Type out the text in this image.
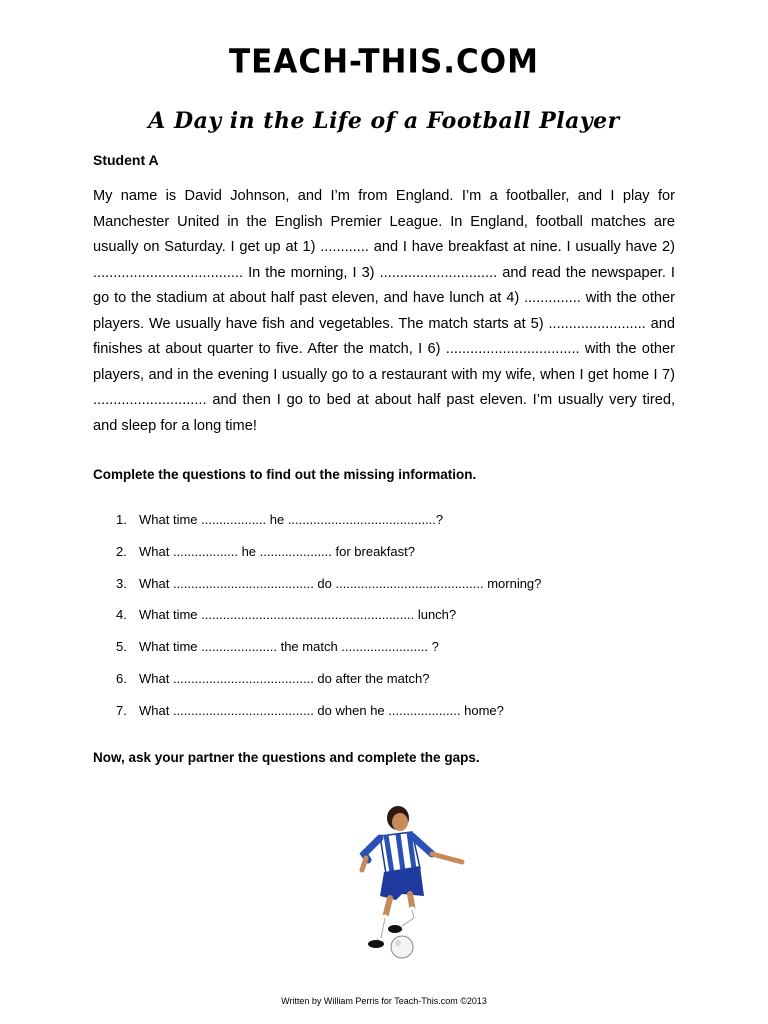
TEACH-THIS.COM
A Day in the Life of a Football Player
Student A

My name is David Johnson, and I’m from England. I’m a footballer, and I play for Manchester United in the English Premier League. In England, football matches are usually on Saturday. I get up at 1) ............ and I have breakfast at nine. I usually have 2) ..................................... In the morning, I 3) ............................. and read the newspaper. I go to the stadium at about half past eleven, and have lunch at 4) .............. with the other players. We usually have fish and vegetables. The match starts at 5) ........................ and finishes at about quarter to five. After the match, I 6) ................................. with the other players, and in the evening I usually go to a restaurant with my wife, when I get home I 7) ............................ and then I go to bed at about half past eleven. I’m usually very tired, and sleep for a long time!

Complete the questions to find out the missing information.
1. What time .................. he .........................................?
2. What .................. he .................... for breakfast?
3. What ....................................... do ......................................... morning?
4. What time ........................................................... lunch?
5. What time ..................... the match ........................ ?
6. What ....................................... do after the match?
7. What ....................................... do when he .................... home?
Now, ask your partner the questions and complete the gaps.
Written by William Perris for Teach-This.com ©2013
